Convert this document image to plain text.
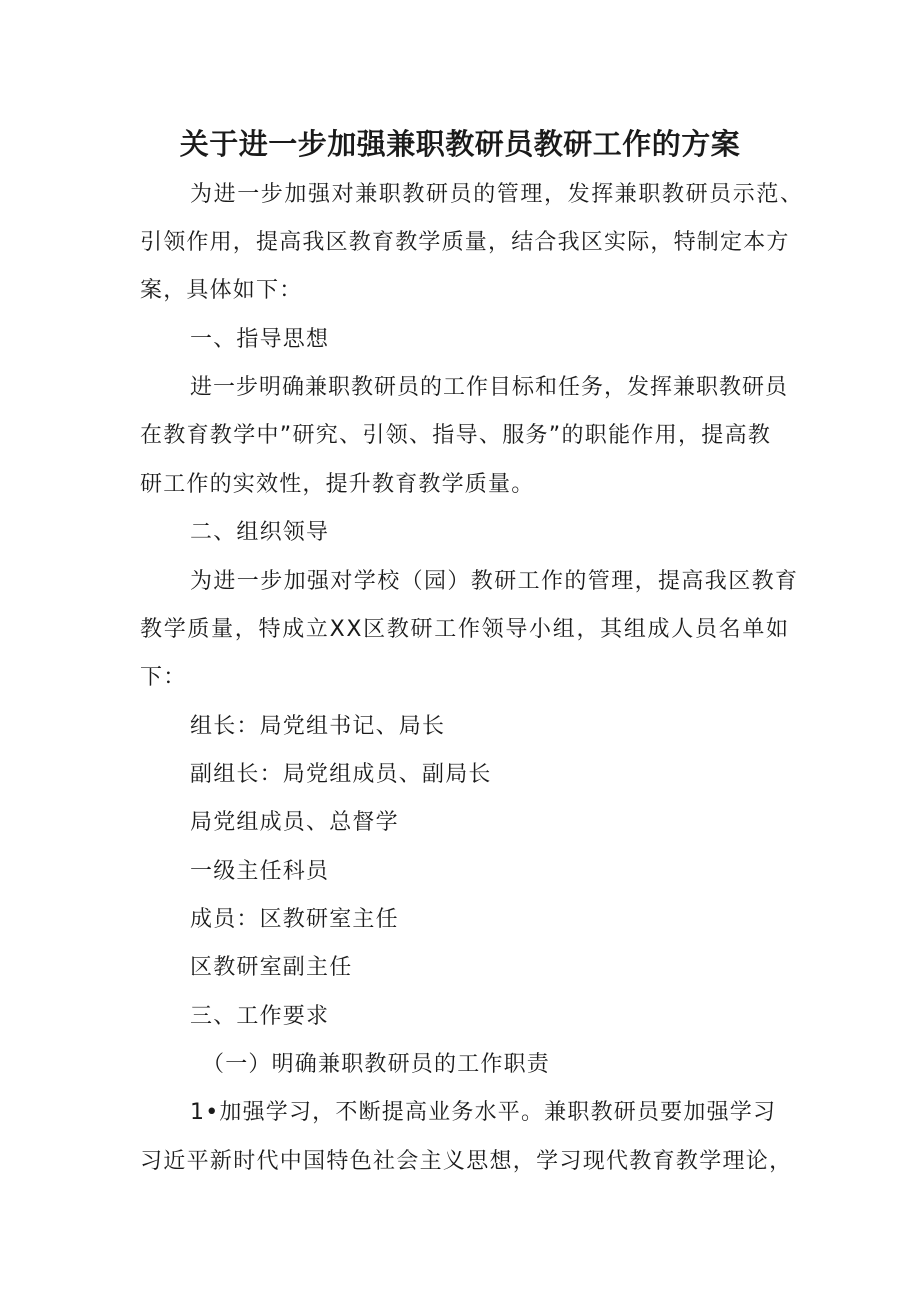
关于进一步加强兼职教研员教研工作的方案
为进一步加强对兼职教研员的管理，发挥兼职教研员示范、
引领作用，提高我区教育教学质量，结合我区实际，特制定本方
案，具体如下：
一、指导思想
进一步明确兼职教研员的工作目标和任务，发挥兼职教研员
在教育教学中”研究、引领、指导、服务”的职能作用，提高教
研工作的实效性，提升教育教学质量。
二、组织领导
为进一步加强对学校（园）教研工作的管理，提高我区教育
教学质量，特成立XX区教研工作领导小组，其组成人员名单如
下：
组长：局党组书记、局长
副组长：局党组成员、副局长
局党组成员、总督学
一级主任科员
成员：区教研室主任
区教研室副主任
三、工作要求
（一）明确兼职教研员的工作职责
1•加强学习，不断提高业务水平。兼职教研员要加强学习
习近平新时代中国特色社会主义思想，学习现代教育教学理论，
